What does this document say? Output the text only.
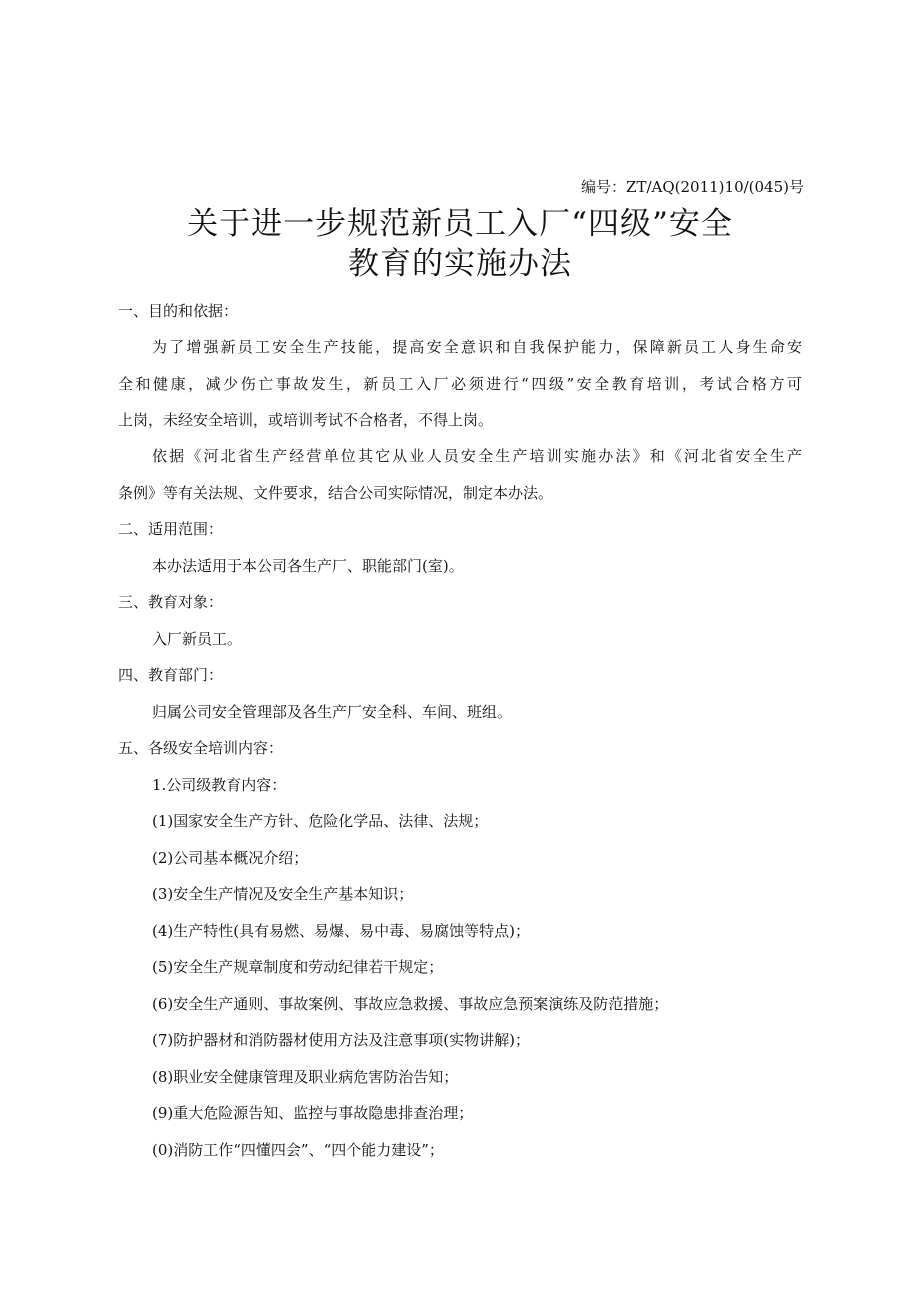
编号：ZT/AQ(2011)10/(045)号
关于进一步规范新员工入厂“四级”安全
教育的实施办法
一、目的和依据：
为了增强新员工安全生产技能，提高安全意识和自我保护能力，保障新员工人身生命安
全和健康，减少伤亡事故发生，新员工入厂必须进行“四级”安全教育培训，考试合格方可
上岗，未经安全培训，或培训考试不合格者，不得上岗。
依据《河北省生产经营单位其它从业人员安全生产培训实施办法》和《河北省安全生产
条例》等有关法规、文件要求，结合公司实际情况，制定本办法。
二、适用范围：
本办法适用于本公司各生产厂、职能部门(室)。
三、教育对象：
入厂新员工。
四、教育部门：
归属公司安全管理部及各生产厂安全科、车间、班组。
五、各级安全培训内容：
1.公司级教育内容：
(1)国家安全生产方针、危险化学品、法律、法规；
(2)公司基本概况介绍；
(3)安全生产情况及安全生产基本知识；
(4)生产特性(具有易燃、易爆、易中毒、易腐蚀等特点)；
(5)安全生产规章制度和劳动纪律若干规定；
(6)安全生产通则、事故案例、事故应急救援、事故应急预案演练及防范措施；
(7)防护器材和消防器材使用方法及注意事项(实物讲解)；
(8)职业安全健康管理及职业病危害防治告知；
(9)重大危险源告知、监控与事故隐患排查治理；
(0)消防工作“四懂四会”、“四个能力建设”；
